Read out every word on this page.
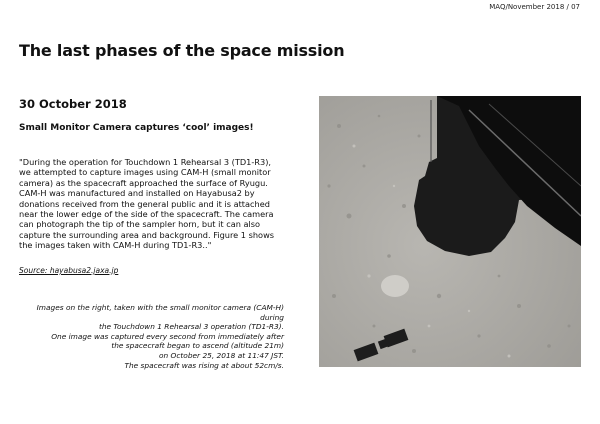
MAQ/November 2018 / 07
The last phases of the space mission
30 October 2018
Small Monitor Camera captures ‘cool’ images!
"During the operation for Touchdown 1 Rehearsal 3 (TD1-R3), we attempted to capture images using CAM-H (small monitor camera) as the spacecraft approached the surface of Ryugu. CAM-H was manufactured and installed on Hayabusa2 by donations received from the general public and it is attached near the lower edge of the side of the spacecraft. The camera can photograph the tip of the sampler horn, but it can also capture the surrounding area and background. Figure 1 shows the images taken with CAM-H during TD1-R3.."
Source: hayabusa2.jaxa.jp
Images on the right, taken with the small monitor camera (CAM-H) during
the Touchdown 1 Rehearsal 3 operation (TD1-R3).
One image was captured every second from immediately after
the spacecraft began to ascend (altitude 21m)
on October 25, 2018 at 11:47 JST.
The spacecraft was rising at about 52cm/s.
